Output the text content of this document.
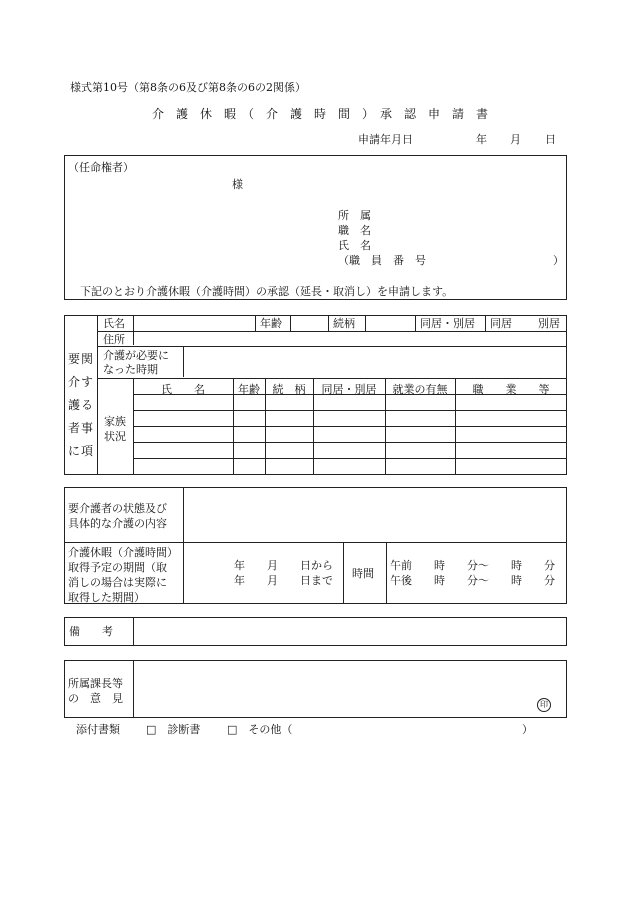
様式第10号（第8条の6及び第8条の6の2関係）
介　護　休　暇　（　介　護　時　間　）　承　認　申　請　書
申請年月日	年 月 日
（任命権者）
様
所　属
職　名
氏　名
（職　員　番　号	）
下記のとおり介護休暇（介護時間）の承認（延長・取消し）を申請します。
要
介
護
者
に
関
す
る
事
項
氏名	年齢	続柄	同居・別居 同居 別居
住所
介護が必要に
なった時期
家族
状況
氏　　名	年齢	続　柄	同居・別居	就業の有無	職　　業　　等
要介護者の状態及び
具体的な介護の内容
介護休暇（介護時間）
取得予定の期間（取
消しの場合は実際に
取得した期間）
年　　月　　日から
年　　月　　日まで
時間
午前　　時　　分～　　時　　分
午後　　時　　分～　　時　　分
備　　考
所属課長等
の　意　見	印
添付書類 □　診断書 □　その他（	）
